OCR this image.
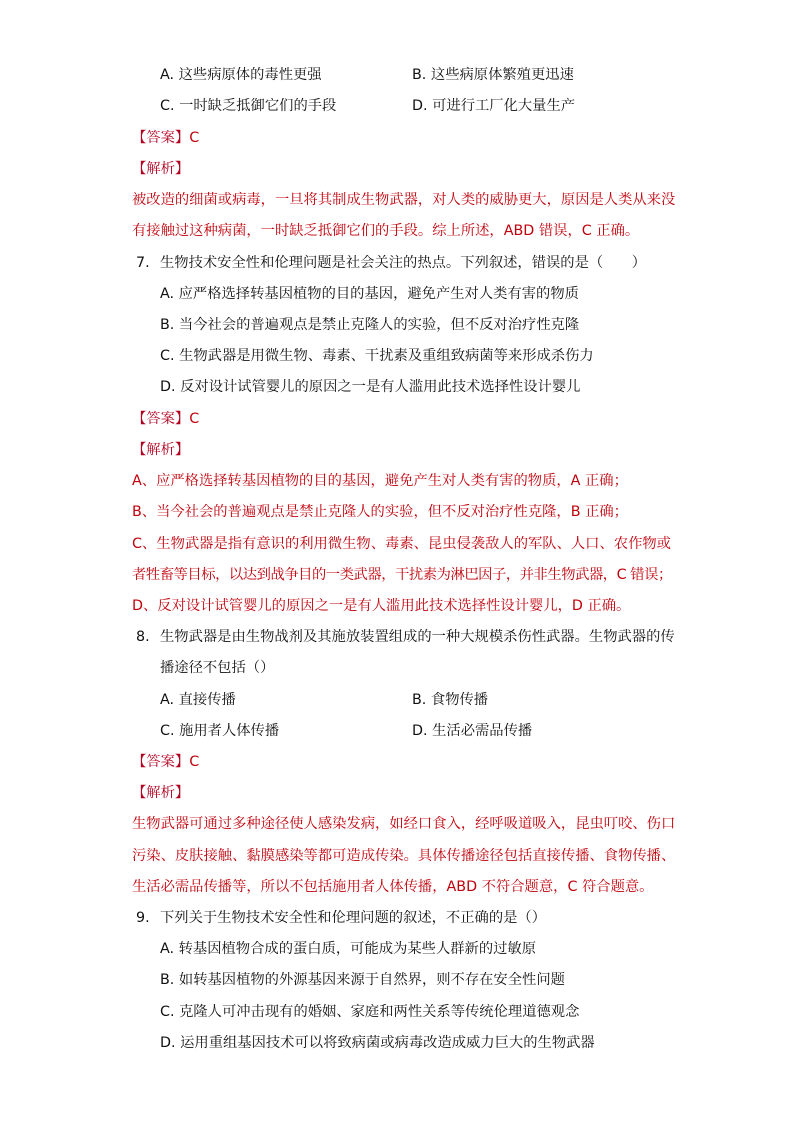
A. 这些病原体的毒性更强	B. 这些病原体繁殖更迅速
C. 一时缺乏抵御它们的手段	D. 可进行工厂化大量生产
【答案】C
【解析】
被改造的细菌或病毒，一旦将其制成生物武器，对人类的威胁更大，原因是人类从来没
有接触过这种病菌，一时缺乏抵御它们的手段。综上所述，ABD 错误，C 正确。
7. 生物技术安全性和伦理问题是社会关注的热点。下列叙述，错误的是（　　）
A. 应严格选择转基因植物的目的基因，避免产生对人类有害的物质
B. 当今社会的普遍观点是禁止克隆人的实验，但不反对治疗性克隆
C. 生物武器是用微生物、毒素、干扰素及重组致病菌等来形成杀伤力
D. 反对设计试管婴儿的原因之一是有人滥用此技术选择性设计婴儿
【答案】C
【解析】
A、应严格选择转基因植物的目的基因，避免产生对人类有害的物质，A 正确；
B、当今社会的普遍观点是禁止克隆人的实验，但不反对治疗性克隆，B 正确；
C、生物武器是指有意识的利用微生物、毒素、昆虫侵袭敌人的军队、人口、农作物或
者牲畜等目标，以达到战争目的一类武器，干扰素为淋巴因子，并非生物武器，C 错误；
D、反对设计试管婴儿的原因之一是有人滥用此技术选择性设计婴儿，D 正确。
8. 生物武器是由生物战剂及其施放装置组成的一种大规模杀伤性武器。生物武器的传
播途径不包括（）
A. 直接传播	B. 食物传播
C. 施用者人体传播	D. 生活必需品传播
【答案】C
【解析】
生物武器可通过多种途径使人感染发病，如经口食入，经呼吸道吸入，昆虫叮咬、伤口
污染、皮肤接触、黏膜感染等都可造成传染。具体传播途径包括直接传播、食物传播、
生活必需品传播等，所以不包括施用者人体传播，ABD 不符合题意，C 符合题意。
9. 下列关于生物技术安全性和伦理问题的叙述，不正确的是（）
A. 转基因植物合成的蛋白质，可能成为某些人群新的过敏原
B. 如转基因植物的外源基因来源于自然界，则不存在安全性问题
C. 克隆人可冲击现有的婚姻、家庭和两性关系等传统伦理道德观念
D. 运用重组基因技术可以将致病菌或病毒改造成威力巨大的生物武器
